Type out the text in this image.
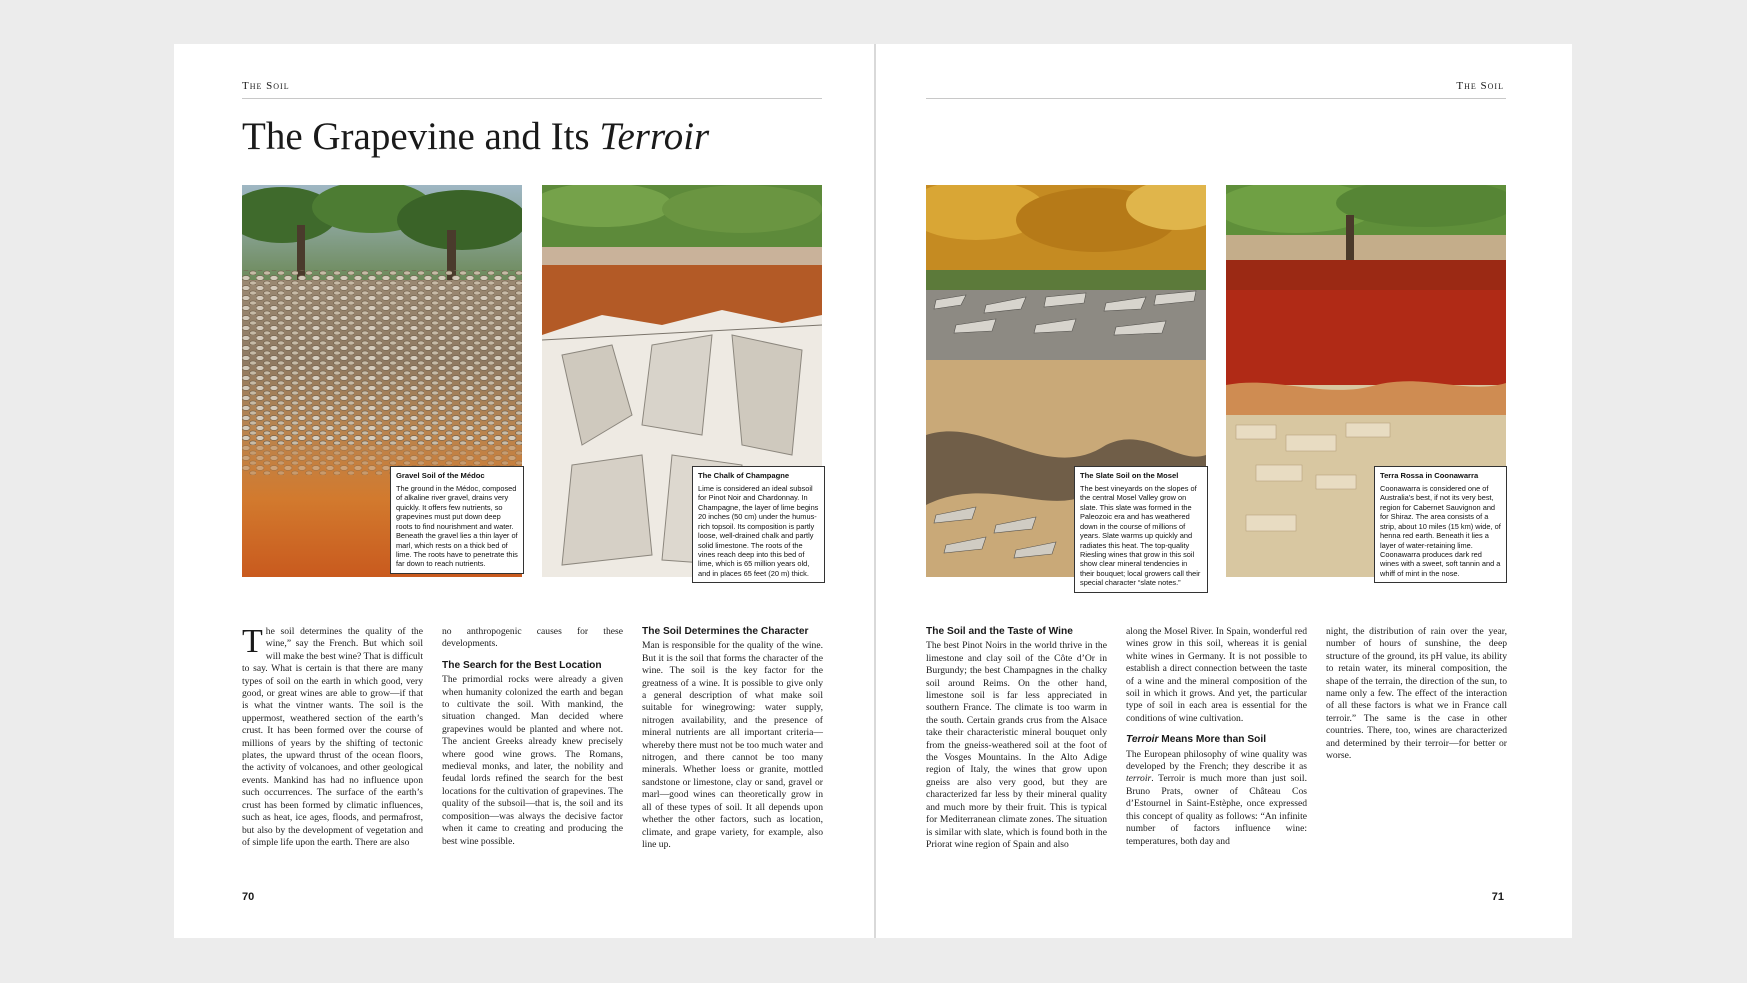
The Soil
The Grapevine and Its Terroir
Gravel Soil of the Médoc
The ground in the Médoc, composed of alkaline river gravel, drains very quickly. It offers few nutrients, so grapevines must put down deep roots to find nourishment and water. Beneath the gravel lies a thin layer of marl, which rests on a thick bed of lime. The roots have to penetrate this far down to reach nutrients.
The Chalk of Champagne
Lime is considered an ideal subsoil for Pinot Noir and Chardonnay. In Champagne, the layer of lime begins 20 inches (50 cm) under the humus-rich topsoil. Its composition is partly loose, well-drained chalk and partly solid limestone. The roots of the vines reach deep into this bed of lime, which is 65 million years old, and in places 65 feet (20 m) thick.

The soil determines the quality of the wine,” say the French. But which soil will make the best wine? That is difficult to say. What is certain is that there are many types of soil on the earth in which good, very good, or great wines are able to grow—if that is what the vintner wants. The soil is the uppermost, weathered section of the earth’s crust. It has been formed over the course of millions of years by the shifting of tectonic plates, the upward thrust of the ocean floors, the activity of volcanoes, and other geological events. Mankind has had no influence upon such occurrences. The surface of the earth’s crust has been formed by climatic influences, such as heat, ice ages, floods, and permafrost, but also by the development of vegetation and of simple life upon the earth. There are also

no anthropogenic causes for these developments.

The Search for the Best Location

The primordial rocks were already a given when humanity colonized the earth and began to cultivate the soil. With mankind, the situation changed. Man decided where grapevines would be planted and where not. The ancient Greeks already knew precisely where good wine grows. The Romans, medieval monks, and later, the nobility and feudal lords refined the search for the best locations for the cultivation of grapevines. The quality of the subsoil—that is, the soil and its composition—was always the decisive factor when it came to creating and producing the best wine possible.

The Soil Determines the Character

Man is responsible for the quality of the wine. But it is the soil that forms the character of the wine. The soil is the key factor for the greatness of a wine. It is possible to give only a general description of what make soil suitable for winegrowing: water supply, nitrogen availability, and the presence of mineral nutrients are all important criteria—whereby there must not be too much water and nitrogen, and there cannot be too many minerals. Whether loess or granite, mottled sandstone or limestone, clay or sand, gravel or marl—good wines can theoretically grow in all of these types of soil. It all depends upon whether the other factors, such as location, climate, and grape variety, for example, also line up.

70
The Soil
The Slate Soil on the Mosel
The best vineyards on the slopes of the central Mosel Valley grow on slate. This slate was formed in the Paleozoic era and has weathered down in the course of millions of years. Slate warms up quickly and radiates this heat. The top-quality Riesling wines that grow in this soil show clear mineral tendencies in their bouquet; local growers call their special character “slate notes.”
Terra Rossa in Coonawarra
Coonawarra is considered one of Australia’s best, if not its very best, region for Cabernet Sauvignon and for Shiraz. The area consists of a strip, about 10 miles (15 km) wide, of henna red earth. Beneath it lies a layer of water-retaining lime. Coonawarra produces dark red wines with a sweet, soft tannin and a whiff of mint in the nose.
The Soil and the Taste of Wine

The best Pinot Noirs in the world thrive in the limestone and clay soil of the Côte d’Or in Burgundy; the best Champagnes in the chalky soil around Reims. On the other hand, limestone soil is far less appreciated in southern France. The climate is too warm in the south. Certain grands crus from the Alsace take their characteristic mineral bouquet only from the gneiss-weathered soil at the foot of the Vosges Mountains. In the Alto Adige region of Italy, the wines that grow upon gneiss are also very good, but they are characterized far less by their mineral quality and much more by their fruit. This is typical for Mediterranean climate zones. The situation is similar with slate, which is found both in the Priorat wine region of Spain and also

along the Mosel River. In Spain, wonderful red wines grow in this soil, whereas it is genial white wines in Germany. It is not possible to establish a direct connection between the taste of a wine and the mineral composition of the soil in which it grows. And yet, the particular type of soil in each area is essential for the conditions of wine cultivation.

Terroir Means More than Soil

The European philosophy of wine quality was developed by the French; they describe it as terroir. Terroir is much more than just soil. Bruno Prats, owner of Château Cos d’Estournel in Saint-Estèphe, once expressed this concept of quality as follows: “An infinite number of factors influence wine: temperatures, both day and

night, the distribution of rain over the year, number of hours of sunshine, the deep structure of the ground, its pH value, its ability to retain water, its mineral composition, the shape of the terrain, the direction of the sun, to name only a few. The effect of the interaction of all these factors is what we in France call terroir.” The same is the case in other countries. There, too, wines are characterized and determined by their terroir—for better or worse.

71
